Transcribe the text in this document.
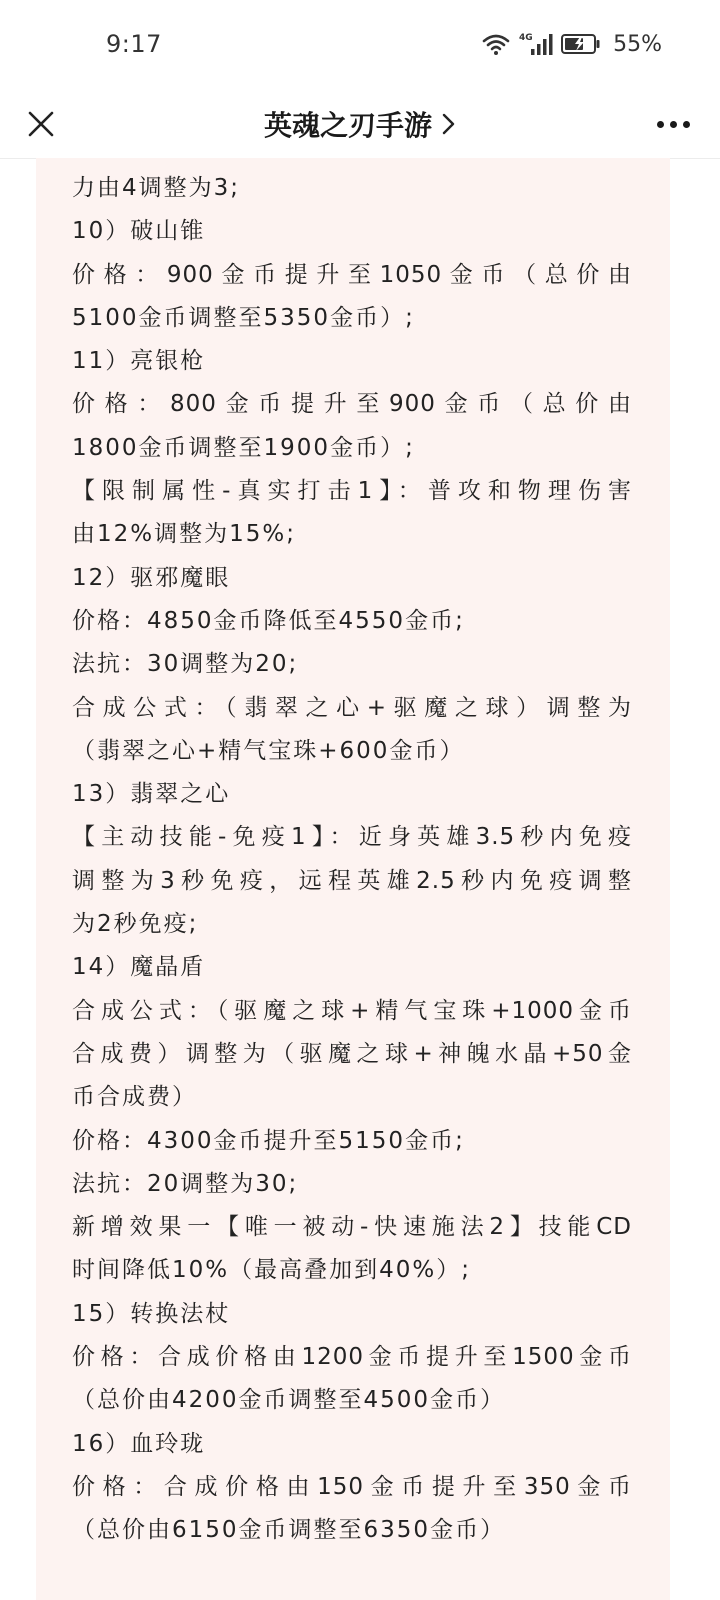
9:17	4G	55%
英魂之刃手游
力由4调整为3;
10）破山锥
价格：900金币提升至1050金币（总价由
5100金币调整至5350金币）;
11）亮银枪
价格：800金币提升至900金币（总价由
1800金币调整至1900金币）;
【限制属性-真实打击1】：普攻和物理伤害
由12%调整为15%;
12）驱邪魔眼
价格：4850金币降低至4550金币;
法抗：30调整为20;
合成公式：（翡翠之心+驱魔之球）调整为
（翡翠之心+精气宝珠+600金币）
13）翡翠之心
【主动技能-免疫1】：近身英雄3.5秒内免疫
调整为3秒免疫，远程英雄2.5秒内免疫调整
为2秒免疫;
14）魔晶盾
合成公式：（驱魔之球+精气宝珠+1000金币
合成费）调整为（驱魔之球+神魄水晶+50金
币合成费）
价格：4300金币提升至5150金币;
法抗：20调整为30;
新增效果一【唯一被动-快速施法2】技能CD
时间降低10%（最高叠加到40%）;
15）转换法杖
价格：合成价格由1200金币提升至1500金币
（总价由4200金币调整至4500金币）
16）血玲珑
价格：合成价格由150金币提升至350金币
（总价由6150金币调整至6350金币）
